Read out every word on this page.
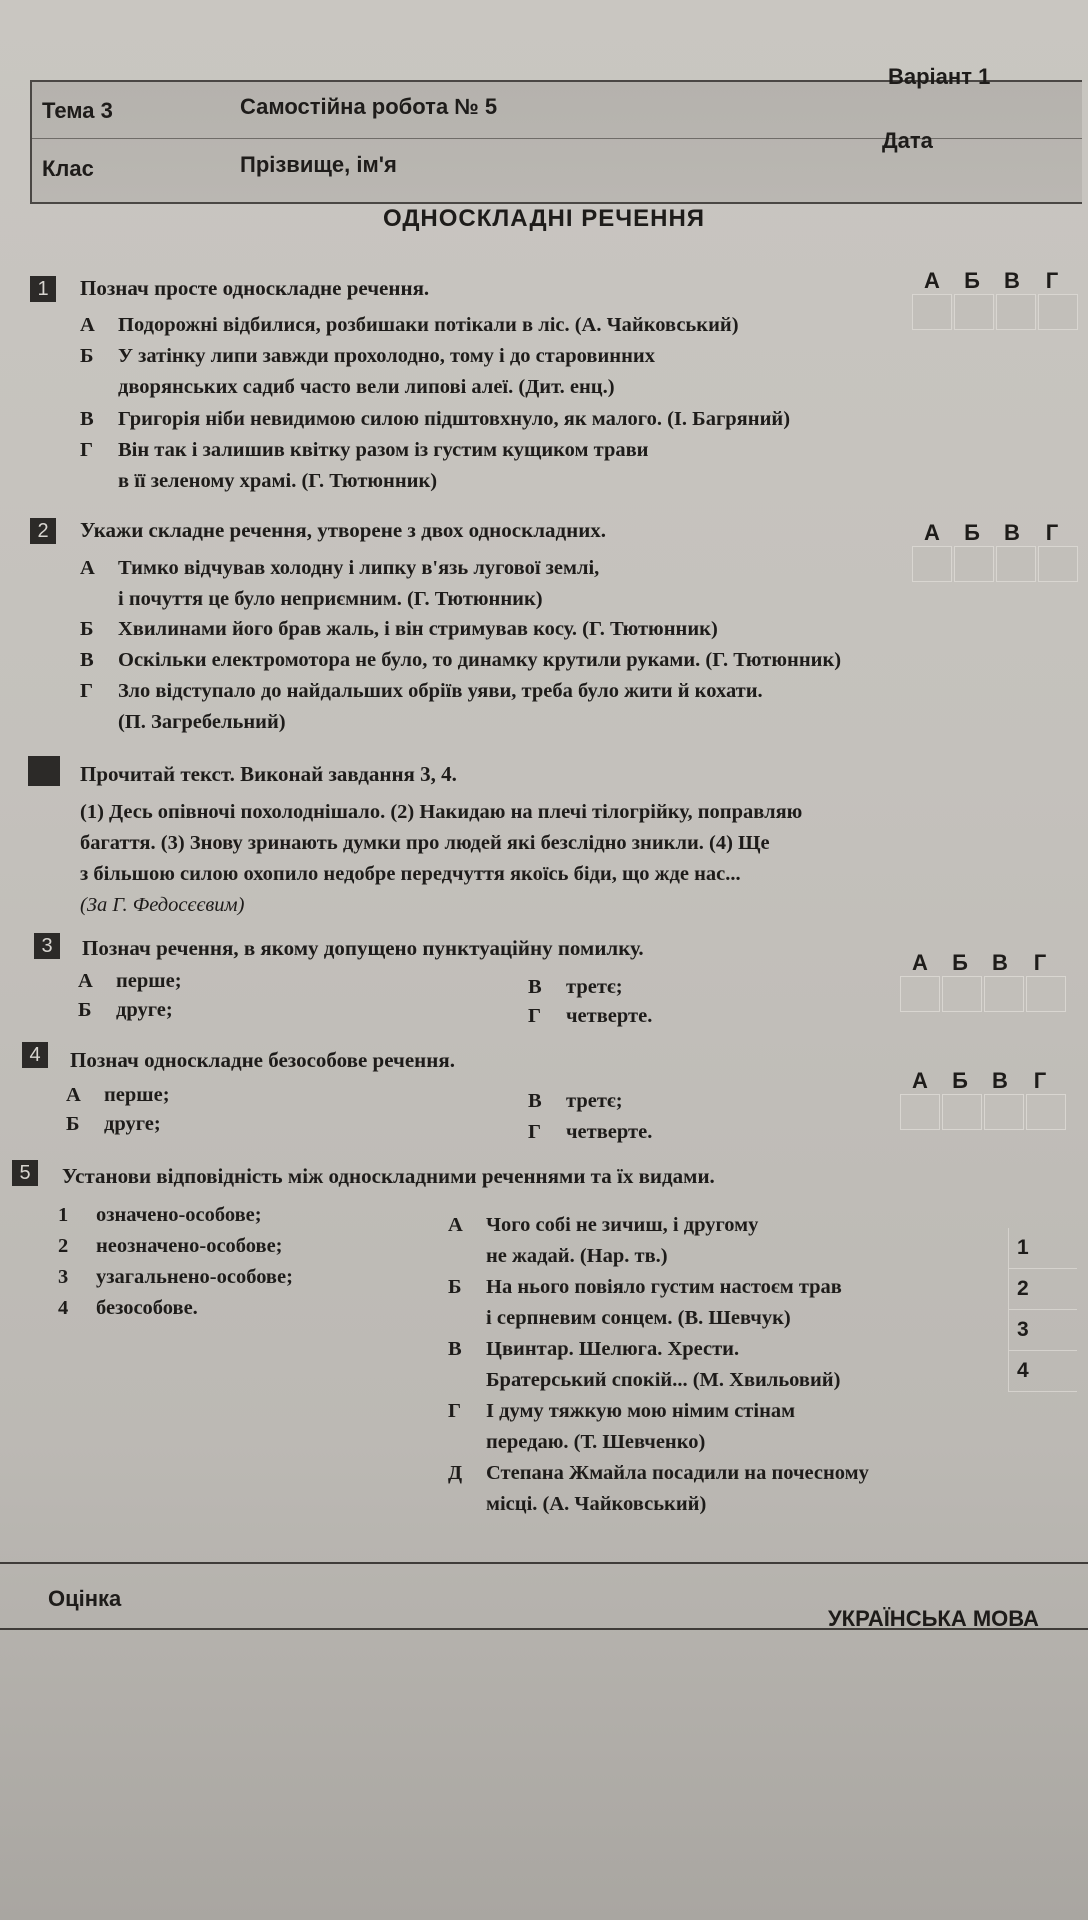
Тема 3	Самостійна робота № 5
Варіант 1
Клас	Прізвище, ім'я
Дата
ОДНОСКЛАДНІ РЕЧЕННЯ
1	Познач просте односкладне речення.	А	Б	В	Г
А Подорожні відбилися, розбишаки потікали в ліс. (А. Чайковський)
Б У затінку липи завжди прохолодно, тому і до старовинних
дворянських садиб часто вели липові алеї. (Дит. енц.)
В Григорія ніби невидимою силою підштовхнуло, як малого. (І. Багряний)
Г Він так і залишив квітку разом із густим кущиком трави
в її зеленому храмі. (Г. Тютюнник)
2	Укажи складне речення, утворене з двох односкладних.	А	Б	В	Г
А Тимко відчував холодну і липку в'язь лугової землі,
і почуття це було неприємним. (Г. Тютюнник)
Б Хвилинами його брав жаль, і він стримував косу. (Г. Тютюнник)
В Оскільки електромотора не було, то динамку крутили руками. (Г. Тютюнник)
Г Зло відступало до найдальших обріїв уяви, треба було жити й кохати.
(П. Загребельний)
Прочитай текст. Виконай завдання 3, 4.
(1) Десь опівночі похолоднішало. (2) Накидаю на плечі тілогрійку, поправляю
багаття. (3) Знову зринають думки про людей які безслідно зникли. (4) Ще
з більшою силою охопило недобре передчуття якоїсь біди, що жде нас...
(За Г. Федосєєвим)
3	Познач речення, в якому допущено пунктуаційну помилку.
А	Б	В	Г
А перше;
Б друге;
В третє;
Г четверте.
4	Познач односкладне безособове речення.
А	Б	В	Г
А перше;
Б друге;
В третє;
Г четверте.
5	Установи відповідність між односкладними реченнями та їх видами.
1 означено-особове;
2 неозначено-особове;
3 узагальнено-особове;
4 безособове.
А Чого собі не зичиш, і другому
не жадай. (Нар. тв.)
Б На нього повіяло густим настоєм трав
і серпневим сонцем. (В. Шевчук)
В Цвинтар. Шелюга. Хрести.
Братерський спокій... (М. Хвильовий)
Г І думу тяжкую мою німим стінам
передаю. (Т. Шевченко)
Д Степана Жмайла посадили на почесному
місці. (А. Чайковський)
1
2
3
4
Оцінка
УКРАЇНСЬКА МОВА
